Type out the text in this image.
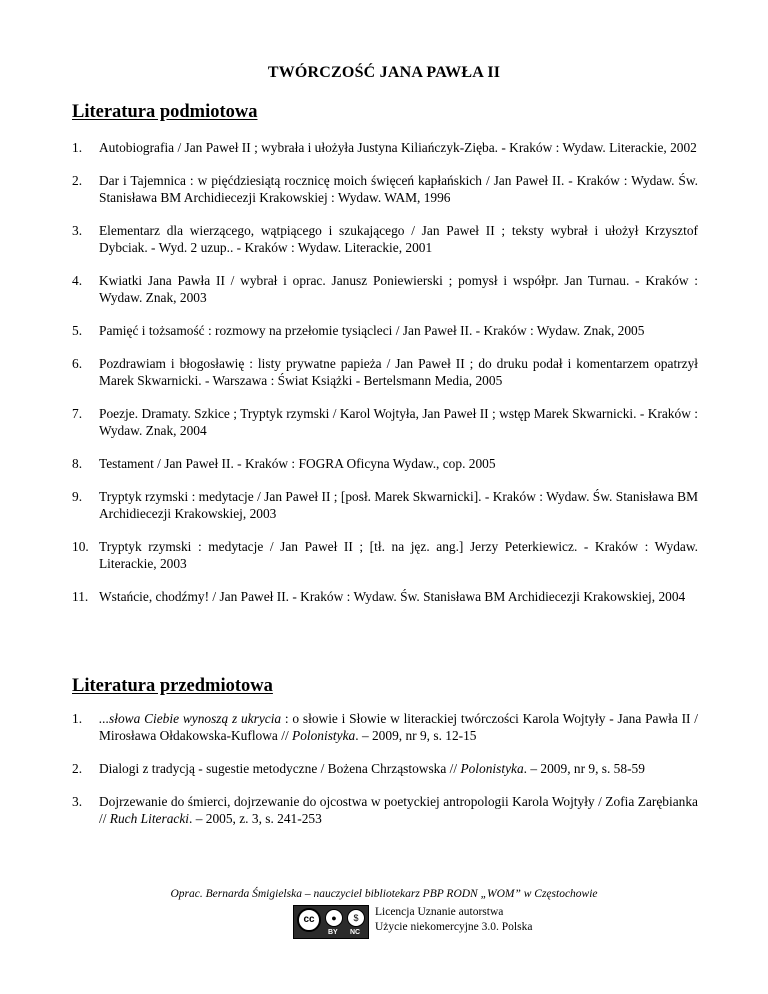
TWÓRCZOŚĆ JANA PAWŁA II
Literatura podmiotowa
1. Autobiografia / Jan Paweł II ; wybrała i ułożyła Justyna Kiliańczyk-Zięba. - Kraków : Wydaw. Literackie, 2002
2. Dar i Tajemnica : w pięćdziesiątą rocznicę moich święceń kapłańskich / Jan Paweł II. - Kraków : Wydaw. Św. Stanisława BM Archidiecezji Krakowskiej : Wydaw. WAM, 1996
3. Elementarz dla wierzącego, wątpiącego i szukającego / Jan Paweł II ; teksty wybrał i ułożył Krzysztof Dybciak. - Wyd. 2 uzup.. - Kraków : Wydaw. Literackie, 2001
4. Kwiatki Jana Pawła II / wybrał i oprac. Janusz Poniewierski ; pomysł i współpr. Jan Turnau. - Kraków : Wydaw. Znak, 2003
5. Pamięć i tożsamość : rozmowy na przełomie tysiącleci / Jan Paweł II. - Kraków : Wydaw. Znak, 2005
6. Pozdrawiam i błogosławię : listy prywatne papieża / Jan Paweł II ; do druku podał i komentarzem opatrzył Marek Skwarnicki. - Warszawa : Świat Książki - Bertelsmann Media, 2005
7. Poezje. Dramaty. Szkice ; Tryptyk rzymski / Karol Wojtyła, Jan Paweł II ; wstęp Marek Skwarnicki. - Kraków : Wydaw. Znak, 2004
8. Testament / Jan Paweł II. - Kraków : FOGRA Oficyna Wydaw., cop. 2005
9. Tryptyk rzymski : medytacje / Jan Paweł II ; [posł. Marek Skwarnicki]. - Kraków : Wydaw. Św. Stanisława BM Archidiecezji Krakowskiej, 2003
10. Tryptyk rzymski : medytacje / Jan Paweł II ; [tł. na jęz. ang.] Jerzy Peterkiewicz. - Kraków : Wydaw. Literackie, 2003
11. Wstańcie, chodźmy! / Jan Paweł II. - Kraków : Wydaw. Św. Stanisława BM Archidiecezji Krakowskiej, 2004
Literatura przedmiotowa
1. ...słowa Ciebie wynoszą z ukrycia : o słowie i Słowie w literackiej twórczości Karola Wojtyły - Jana Pawła II / Mirosława Ołdakowska-Kuflowa // Polonistyka. – 2009, nr 9, s. 12-15
2. Dialogi z tradycją - sugestie metodyczne / Bożena Chrząstowska // Polonistyka. – 2009, nr 9, s. 58-59
3. Dojrzewanie do śmierci, dojrzewanie do ojcostwa w poetyckiej antropologii Karola Wojtyły / Zofia Zarębianka // Ruch Literacki. – 2005, z. 3, s. 241-253
Oprac. Bernarda Śmigielska – nauczyciel bibliotekarz PBP RODN „WOM” w Częstochowie
cc	●	$
BY NC
Licencja Uznanie autorstwa
Użycie niekomercyjne 3.0. Polska
